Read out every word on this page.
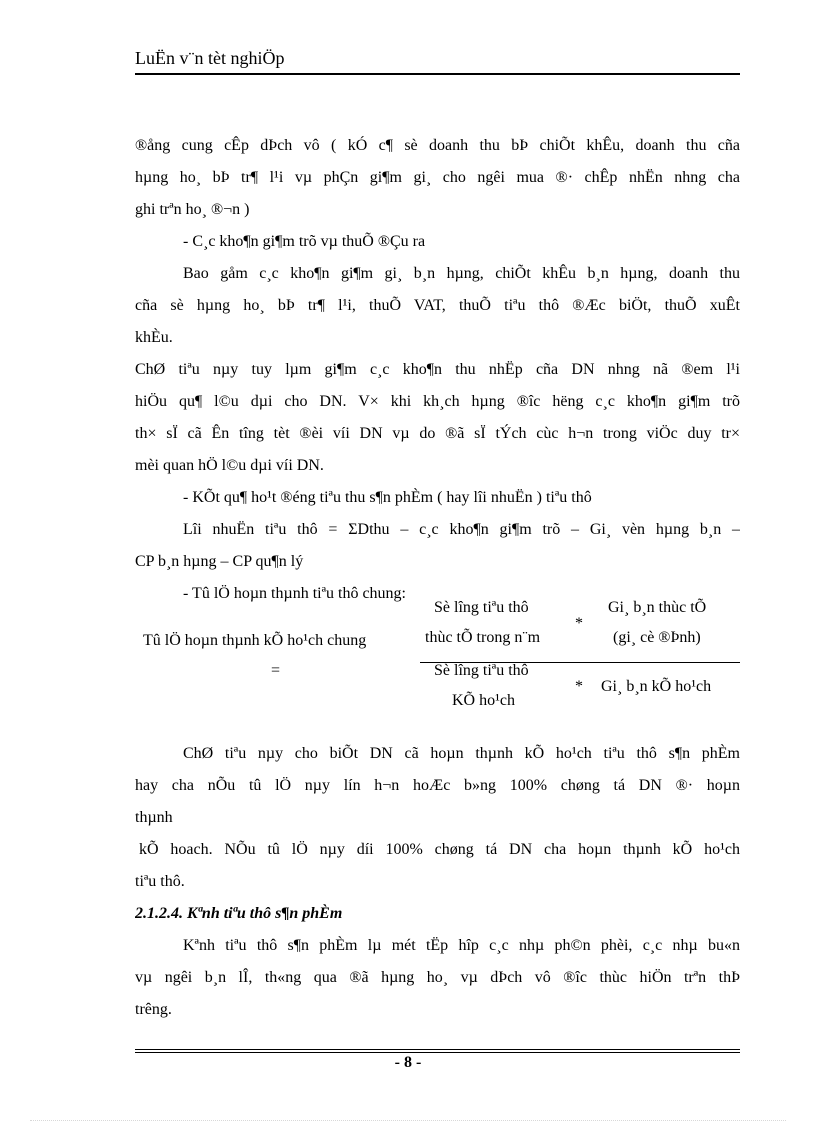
LuËn v¨n tèt nghiÖp
®ång cung cÊp dÞch vô ( kÓ c¶ sè doanh thu bÞ chiÕt khÊu, doanh thu cña
hµng ho¸ bÞ tr¶ l¹i vµ phÇn gi¶m gi¸ cho ngêi mua ®· chÊp nhËn nhng cha
ghi trªn ho¸ ®¬n )
- C¸c kho¶n gi¶m trõ vµ thuÕ ®Çu ra
Bao gåm c¸c kho¶n gi¶m gi¸ b¸n hµng, chiÕt khÊu b¸n hµng, doanh thu
cña sè hµng ho¸ bÞ tr¶ l¹i, thuÕ VAT, thuÕ tiªu thô ®Æc biÖt, thuÕ xuÊt
khÈu.
ChØ tiªu nµy tuy lµm gi¶m c¸c kho¶n thu nhËp cña DN nhng nã ®em l¹i
hiÖu qu¶ l©u dµi cho DN. V× khi kh¸ch hµng ®îc hëng c¸c kho¶n gi¶m trõ
th× sÏ cã Ên tîng tèt ®èi víi DN vµ do ®ã sÏ tÝch cùc h¬n trong viÖc duy tr×
mèi quan hÖ l©u dµi víi DN.
- KÕt qu¶ ho¹t ®éng tiªu thu s¶n phÈm ( hay lîi nhuËn ) tiªu thô
Lîi nhuËn tiªu thô = ΣDthu – c¸c kho¶n gi¶m trõ – Gi¸ vèn hµng b¸n –
CP b¸n hµng – CP qu¶n lý
- Tû lÖ hoµn thµnh tiªu thô chung:
Tû lÖ hoµn thµnh kÕ ho¹ch chung
=
Sè lîng tiªu thô
thùc tÕ trong n¨m
*
Gi¸ b¸n thùc tÕ
(gi¸ cè ®Þnh)
Sè lîng tiªu thô
KÕ ho¹ch
* Gi¸ b¸n kÕ ho¹ch
ChØ tiªu nµy cho biÕt DN cã hoµn thµnh kÕ ho¹ch tiªu thô s¶n phÈm
hay cha nÕu tû lÖ nµy lín h¬n hoÆc b»ng 100% chøng tá DN ®· hoµn
thµnh
kÕ hoach. NÕu tû lÖ nµy díi 100% chøng tá DN cha hoµn thµnh kÕ ho¹ch
tiªu thô.
2.1.2.4. Kªnh tiªu thô s¶n phÈm
Kªnh tiªu thô s¶n phÈm lµ mét tËp hîp c¸c nhµ ph©n phèi, c¸c nhµ bu«n
vµ ngêi b¸n lÎ, th«ng qua ®ã hµng ho¸ vµ dÞch vô ®îc thùc hiÖn trªn thÞ
trêng.
- 8 -
